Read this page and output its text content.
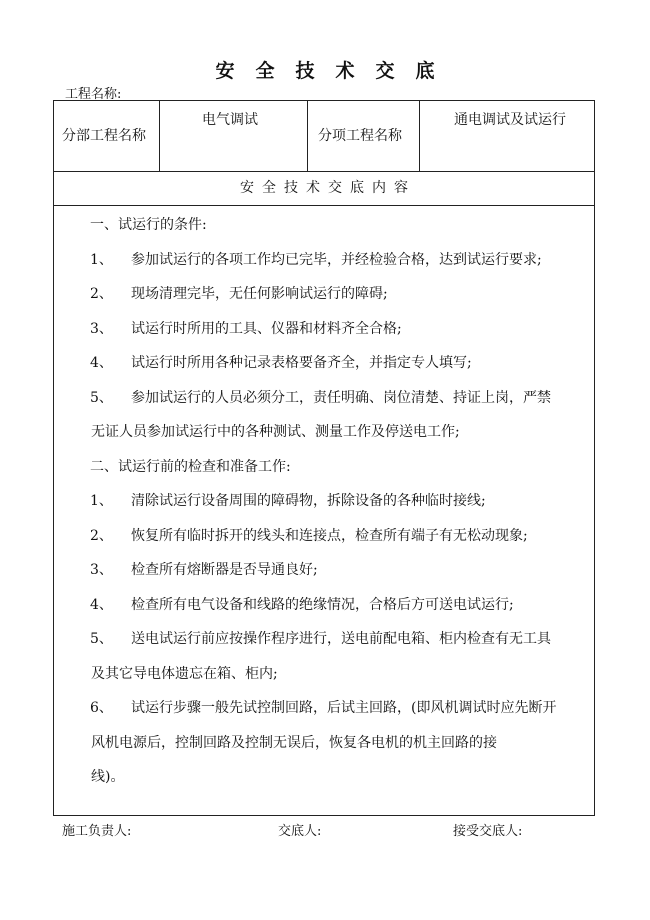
安全技术交底
工程名称:
分部工程名称
电气调试
分项工程名称
通电调试及试运行
安全技术交底内容
一、试运行的条件:
1、 参加试运行的各项工作均已完毕，并经检验合格，达到试运行要求;
2、 现场清理完毕，无任何影响试运行的障碍;
3、 试运行时所用的工具、仪器和材料齐全合格;
4、 试运行时所用各种记录表格要备齐全，并指定专人填写;
5、 参加试运行的人员必须分工，责任明确、岗位清楚、持证上岗，严禁
无证人员参加试运行中的各种测试、测量工作及停送电工作;
二、试运行前的检查和准备工作:
1、 清除试运行设备周围的障碍物，拆除设备的各种临时接线;
2、 恢复所有临时拆开的线头和连接点，检查所有端子有无松动现象;
3、 检查所有熔断器是否导通良好;
4、 检查所有电气设备和线路的绝缘情况，合格后方可送电试运行;
5、 送电试运行前应按操作程序进行，送电前配电箱、柜内检查有无工具
及其它导电体遗忘在箱、柜内;
6、 试运行步骤一般先试控制回路，后试主回路，(即风机调试时应先断开
风机电源后，控制回路及控制无误后，恢复各电机的机主回路的接
线)。
施工负责人:	交底人:	接受交底人:
